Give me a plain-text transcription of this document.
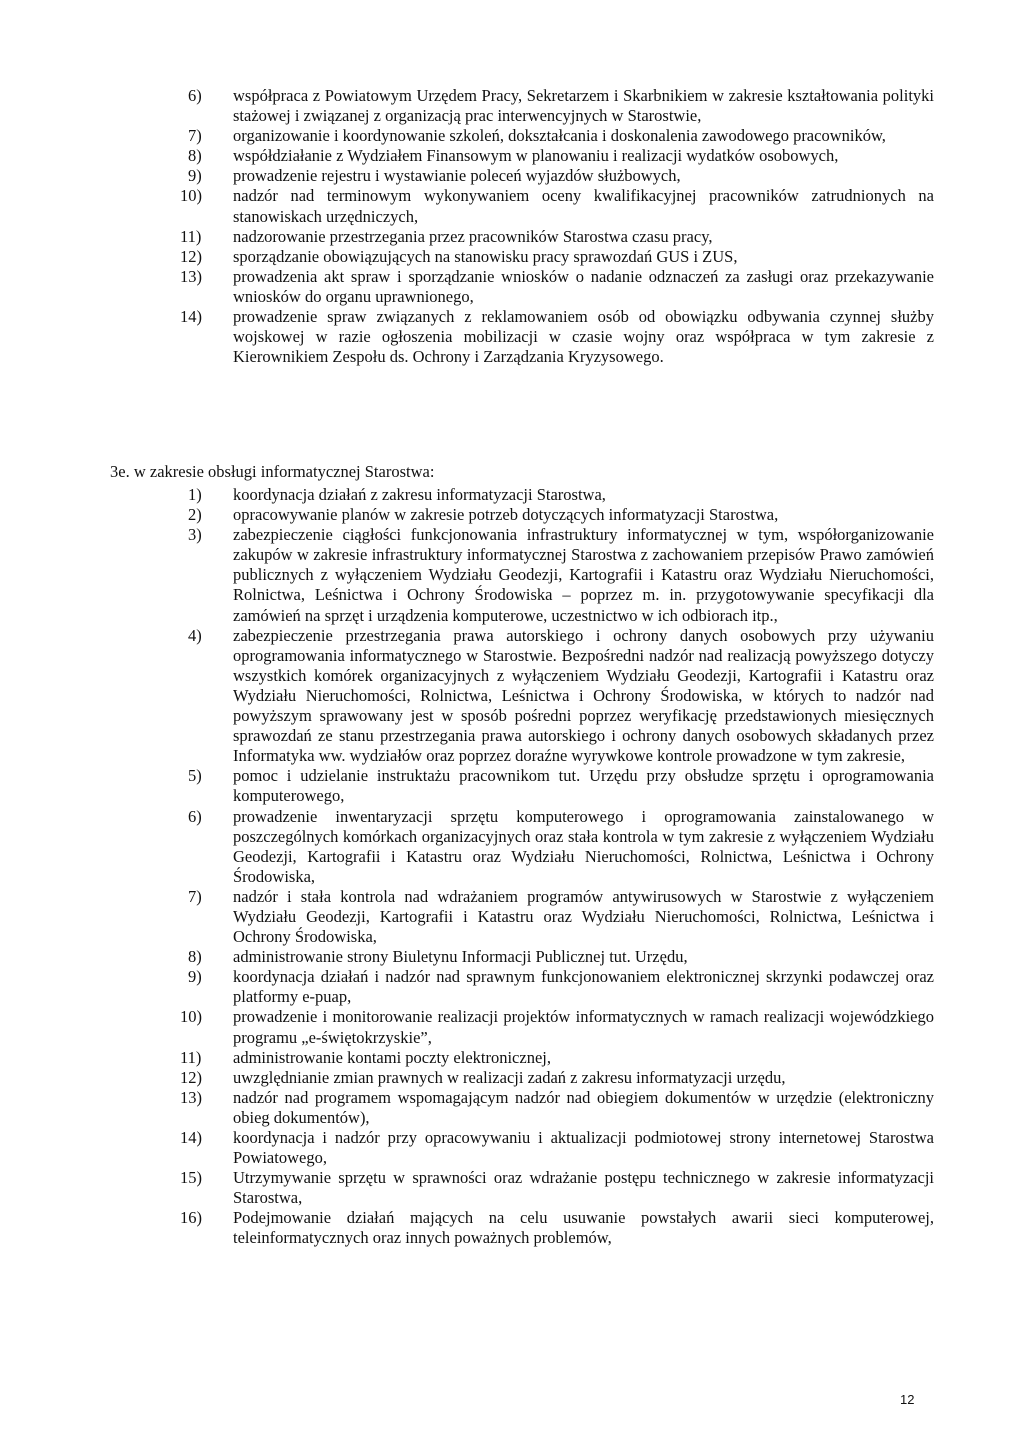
6) współpraca z Powiatowym Urzędem Pracy, Sekretarzem i Skarbnikiem w zakresie kształtowania polityki stażowej i związanej z organizacją prac interwencyjnych w Starostwie,
7) organizowanie i koordynowanie szkoleń, dokształcania i doskonalenia zawodowego pracowników,
8) współdziałanie z Wydziałem Finansowym w planowaniu i realizacji wydatków osobowych,
9) prowadzenie rejestru i wystawianie poleceń wyjazdów służbowych,
10) nadzór nad terminowym wykonywaniem oceny kwalifikacyjnej pracowników zatrudnionych na stanowiskach urzędniczych,
11) nadzorowanie przestrzegania przez pracowników Starostwa czasu pracy,
12) sporządzanie obowiązujących na stanowisku pracy sprawozdań GUS i ZUS,
13) prowadzenia akt spraw i sporządzanie wniosków o nadanie odznaczeń za zasługi oraz przekazywanie wniosków do organu uprawnionego,
14) prowadzenie spraw związanych z reklamowaniem osób od obowiązku odbywania czynnej służby wojskowej w razie ogłoszenia mobilizacji w czasie wojny oraz współpraca w tym zakresie z Kierownikiem Zespołu ds. Ochrony i Zarządzania Kryzysowego.

3e. w zakresie obsługi informatycznej Starostwa:

1) koordynacja działań z zakresu informatyzacji Starostwa,
2) opracowywanie planów w zakresie potrzeb dotyczących informatyzacji Starostwa,
3) zabezpieczenie ciągłości funkcjonowania infrastruktury informatycznej w tym, współorganizowanie zakupów w zakresie infrastruktury informatycznej Starostwa z zachowaniem przepisów Prawo zamówień publicznych z wyłączeniem Wydziału Geodezji, Kartografii i Katastru oraz Wydziału Nieruchomości, Rolnictwa, Leśnictwa i Ochrony Środowiska – poprzez m. in. przygotowywanie specyfikacji dla zamówień na sprzęt i urządzenia komputerowe, uczestnictwo w ich odbiorach itp.,
4) zabezpieczenie przestrzegania prawa autorskiego i ochrony danych osobowych przy używaniu oprogramowania informatycznego w Starostwie. Bezpośredni nadzór nad realizacją powyższego dotyczy wszystkich komórek organizacyjnych z wyłączeniem Wydziału Geodezji, Kartografii i Katastru oraz Wydziału Nieruchomości, Rolnictwa, Leśnictwa i Ochrony Środowiska, w których to nadzór nad powyższym sprawowany jest w sposób pośredni poprzez weryfikację przedstawionych miesięcznych sprawozdań ze stanu przestrzegania prawa autorskiego i ochrony danych osobowych składanych przez Informatyka ww. wydziałów oraz poprzez doraźne wyrywkowe kontrole prowadzone w tym zakresie,
5) pomoc i udzielanie instruktażu pracownikom tut. Urzędu przy obsłudze sprzętu i oprogramowania komputerowego,
6) prowadzenie inwentaryzacji sprzętu komputerowego i oprogramowania zainstalowanego w poszczególnych komórkach organizacyjnych oraz stała kontrola w tym zakresie z wyłączeniem Wydziału Geodezji, Kartografii i Katastru oraz Wydziału Nieruchomości, Rolnictwa, Leśnictwa i Ochrony Środowiska,
7) nadzór i stała kontrola nad wdrażaniem programów antywirusowych w Starostwie z wyłączeniem Wydziału Geodezji, Kartografii i Katastru oraz Wydziału Nieruchomości, Rolnictwa, Leśnictwa i Ochrony Środowiska,
8) administrowanie strony Biuletynu Informacji Publicznej tut. Urzędu,
9) koordynacja działań i nadzór nad sprawnym funkcjonowaniem elektronicznej skrzynki podawczej oraz platformy e-puap,
10) prowadzenie i monitorowanie realizacji projektów informatycznych w ramach realizacji wojewódzkiego programu „e-świętokrzyskie”,
11) administrowanie kontami poczty elektronicznej,
12) uwzględnianie zmian prawnych w realizacji zadań z zakresu informatyzacji urzędu,
13) nadzór nad programem wspomagającym nadzór nad obiegiem dokumentów w urzędzie (elektroniczny obieg dokumentów),
14) koordynacja i nadzór przy opracowywaniu i aktualizacji podmiotowej strony internetowej Starostwa Powiatowego,
15) Utrzymywanie sprzętu w sprawności oraz wdrażanie postępu technicznego w zakresie informatyzacji Starostwa,
16) Podejmowanie działań mających na celu usuwanie powstałych awarii sieci komputerowej, teleinformatycznych oraz innych poważnych problemów,
12
